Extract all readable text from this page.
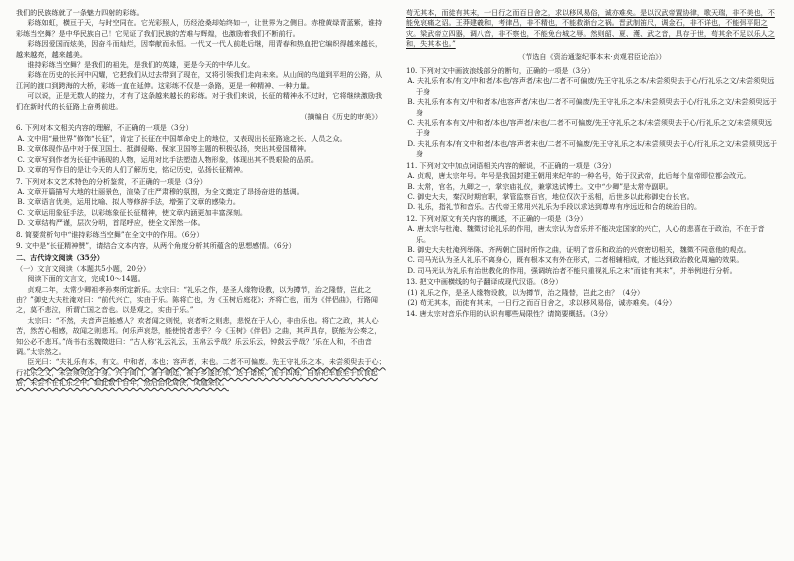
我们的民族练就了一条魅力四射的彩练。

彩练如虹，横亘于天，与时空同在。它光彩照人，历经沧桑却始终如一，让世界为之侧目。赤橙黄绿青蓝紫，谁持彩练当空舞？是中华民族自己！它见证了我们民族的苦难与辉煌，也激励着我们不断前行。

彩练因爱国而炫美，因奋斗而灿烂，因奉献而永恒。一代又一代人前赴后继，用青春和热血把它编织得越来越长，越来越亮，越来越美。

谁持彩练当空舞？是我们的祖先，是我们的英雄，更是今天的中华儿女。

彩练在历史的长河中闪耀，它把我们从过去带到了现在，又将引领我们走向未来。从山间的鸟道到平坦的公路，从江河的渡口到跨海的大桥，彩练一直在延伸。这彩练不仅是一条路，更是一种精神、一种力量。

可以说，正是无数人的接力，才有了这条越来越长的彩练。对于我们来说，长征的精神永不过时，它将继续激励我们在新时代的长征路上奋勇前进。

（摘编自《历史的审美》）

6. 下列对本文相关内容的理解，不正确的一项是（3分）

A. 文中用“最世界”修饰“长征”，肯定了长征在中国革命史上的地位，又表现出长征路途之长、人员之众。

B. 文章体现作品中对于保卫国土、抵御侵略、保家卫国等主题的积极弘扬，突出其爱国精神。

C. 文章写到作者为长征中涌现的人物，运用对比手法塑造人物形象，体现出其不畏艰险的品质。

D. 文章的写作目的是让今天的人们了解历史，铭记历史，弘扬长征精神。

7. 下列对本文艺术特色的分析鉴赏，不正确的一项是（3分）

A. 文章开篇描写大地的壮丽景色，渲染了庄严肃穆的氛围，为全文奠定了昂扬奋进的基调。

B. 文章语言优美，运用比喻、拟人等修辞手法，增强了文章的感染力。

C. 文章运用象征手法，以彩练象征长征精神，使文章内涵更加丰富深刻。

D. 文章结构严谨，层次分明，首尾呼应，使全文浑然一体。

8. 简要赏析句中“谁持彩练当空舞”在全文中的作用。（6分）

9. 文中是“长征精神赞”，请结合文本内容，从两个角度分析其所蕴含的思想感情。（6分）

二、古代诗文阅读（35分）

（一）文言文阅读（本题共5小题，20分）

阅读下面的文言文，完成10～14题。

贞观二年，太常少卿祖孝孙奏所定新乐。太宗曰：“礼乐之作，是圣人缘物设教，以为撙节，治之隆替，岂此之由？”御史大夫杜淹对曰：“前代兴亡，实由于乐。陈将亡也，为《玉树后庭花》；齐将亡也，而为《伴侣曲》，行路闻之，莫不悲泣，所谓亡国之音也。以是观之，实由于乐。”

太宗曰：“不然，夫音声岂能感人？欢者闻之则悦，哀者听之则悲，悲悦在于人心，非由乐也。将亡之政，其人心苦，然苦心相感，故闻之则悲耳。何乐声哀怨，能使悦者悲乎？今《玉树》《伴侣》之曲，其声具存，朕能为公奏之，知公必不悲耳。”尚书右丞魏徵进曰：“古人称‘礼云礼云，玉帛云乎哉？乐云乐云，钟鼓云乎哉？’乐在人和，不由音调。”太宗然之。

臣光曰：“夫礼乐有本，有文。中和者，本也；容声者，末也。二者不可偏废。先王守礼乐之本，未尝须臾去于心；行礼乐之文，未尝须臾远于身。兴于闺门，著于朝廷，被于乡遂比邻，达于诸侯，流于四海，自祭祀军旅至于饮食起居，未尝不在礼乐之中。如此数十百年，然后治化周浃，凤凰来仪。

苟无其本，而徒有其末，一日行之而百日舍之，求以移风易俗，诚亦难矣。是以汉武帝置协律，歌天瑞，非不美也，不能免哀痛之诏。王莽建羲和，考律吕，非不精也，不能救渐台之祸。晋武制笛尺，调金石，非不详也，不能弭平阳之灾。梁武帝立四器，调八音，非不察也，不能免台城之辱。然则韶、夏、濩、武之音，具存于世，苟其余不足以乐人之和，失其本也。”

（节选自《资治通鉴纪事本末·贞观君臣论治》）

10. 下列对文中画波浪线部分的断句，正确的一项是（3分）

A. 夫礼乐有本/有文/中和者/本也/容声者/末也/二者不可偏废/先王守礼乐之本/未尝须臾去于心/行礼乐之文/未尝须臾远于身

B. 夫礼乐有本有文/中和者本/也容声者/末也/二者不可偏废/先王守礼乐之本/未尝须臾去于心/行礼乐之文/未尝须臾远于身

C. 夫礼乐有本有文/中和者/本也/容声者/末也/二者不可偏废/先王守礼乐之本/未尝须臾去于心/行礼乐之文/未尝须臾远于身

D. 夫礼乐有本/有文中和者/本也/容声者末也/二者不可偏废/先王守礼乐之本/未尝须臾去于心/行礼乐之文/未尝须臾远于身

11. 下列对文中加点词语相关内容的解说，不正确的一项是（3分）

A. 贞观，唐太宗年号。年号是我国封建王朝用来纪年的一种名号，始于汉武帝，此后每个皇帝即位都会改元。

B. 太常，官名，九卿之一，掌宗庙礼仪，兼掌选试博士。文中“少卿”是太常寺副职。

C. 御史大夫，秦汉时期官职，掌管监察百官，地位仅次于丞相，后世多以此称御史台长官。

D. 礼乐，指礼节和音乐。古代帝王常用兴礼乐为手段以求达到尊卑有序远近和合的统治目的。

12. 下列对原文有关内容的概述，不正确的一项是（3分）

A. 唐太宗与杜淹、魏徵讨论礼乐的作用，唐太宗认为音乐并不能决定国家的兴亡，人心的悲喜在于政治，不在于音乐。

B. 御史大夫杜淹列举陈、齐两朝亡国时所作之曲，证明了音乐和政治的兴衰密切相关，魏徵不同意他的观点。

C. 司马光认为圣人礼乐不离身心，既有根本又有外在形式，二者相辅相成，才能达到政治教化周遍的效果。

D. 司马光认为礼乐有治世教化的作用，强调统治者不能只重视礼乐之末“而徒有其末”，并举例进行分析。

13. 把文中画横线的句子翻译成现代汉语。（8分）

(1) 礼乐之作，是圣人缘物设教，以为撙节，治之隆替，岂此之由？（4分）

(2) 苟无其本，而徒有其末，一日行之而百日舍之，求以移风易俗，诚亦难矣。（4分）

14. 唐太宗对音乐作用的认识有哪些局限性？请简要概括。（3分）
